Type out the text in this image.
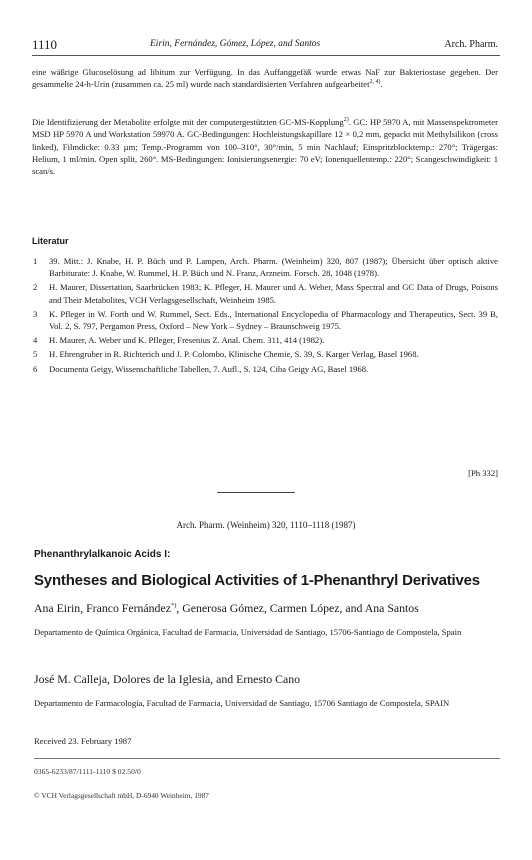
1110	Eirin, Fernández, Gómez, López, and Santos	Arch. Pharm.

eine wäßrige Glucoselösung ad libitum zur Verfügung. In das Auffanggefäß wurde etwas NaF zur Bakteriostase gegeben. Der gesammelte 24-h-Urin (zusammen ca. 25 ml) wurde nach standardisierten Verfahren aufgearbeitet$^{2, 4)}$.

Die Identifizierung der Metabolite erfolgte mit der computergestützten GC-MS-Kopplung$^{2)}$. GC: HP 5970 A, mit Massenspektrometer MSD HP 5970 A und Workstation 59970 A. GC-Bedingungen: Hochleistungskapillare 12 × 0,2 mm, gepackt mit Methylsilikon (cross linked), Filmdicke: 0.33 µm; Temp.-Programm von 100–310°, 30°/min, 5 min Nachlauf; Einspritzblocktemp.: 270°; Trägergas: Helium, 1 ml/min. Open split, 260°. MS-Bedingungen: Ionisierungsenergie: 70 eV; Ionenquellentemp.: 220°; Scangeschwindigkeit: 1 scan/s.

Literatur
1 39. Mitt.: J. Knabe, H. P. Büch und P. Lampen, Arch. Pharm. (Weinheim) 320, 807 (1987); Übersicht über optisch aktive Barbiturate: J. Knabe, W. Rummel, H. P. Büch und N. Franz, Arzneim. Forsch. 28, 1048 (1978).
2 H. Maurer, Dissertation, Saarbrücken 1983; K. Pfleger, H. Maurer und A. Weber, Mass Spectral and GC Data of Drugs, Poisons and Their Metabolites, VCH Verlagsgesellschaft, Weinheim 1985.
3 K. Pfleger in W. Forth und W. Rummel, Sect. Eds., International Encyclopedia of Pharmacology and Therapeutics, Sect. 39 B, Vol. 2, S. 797, Pergamon Press, Oxford – New York – Sydney – Braunschweig 1975.
4 H. Maurer, A. Weber und K. Pfleger, Fresenius Z. Anal. Chem. 311, 414 (1982).
5 H. Ehrengruber in R. Richterich und J. P. Colombo, Klinische Chemie, S. 39, S. Karger Verlag, Basel 1968.
6 Documenta Geigy, Wissenschaftliche Tabellen, 7. Aufl., S. 124, Ciba Geigy AG, Basel 1968.
[Ph 332]
Arch. Pharm. (Weinheim) 320, 1110–1118 (1987)
Phenanthrylalkanoic Acids I:
Syntheses and Biological Activities of 1-Phenanthryl Derivatives
Ana Eirin, Franco Fernández*), Generosa Gómez, Carmen López, and Ana Santos
Departamento de Química Orgánica, Facultad de Farmacia, Universidad de Santiago, 15706-Santiago de Compostela, Spain
José M. Calleja, Dolores de la Iglesia, and Ernesto Cano
Departamento de Farmacología, Facultad de Farmacia, Universidad de Santiago, 15706 Santiago de Compostela, SPAIN
Received 23. February 1987
0365-6233/87/1111-1110 $ 02.50/0
© VCH Verlagsgesellschaft mbH, D-6940 Weinheim, 1987
